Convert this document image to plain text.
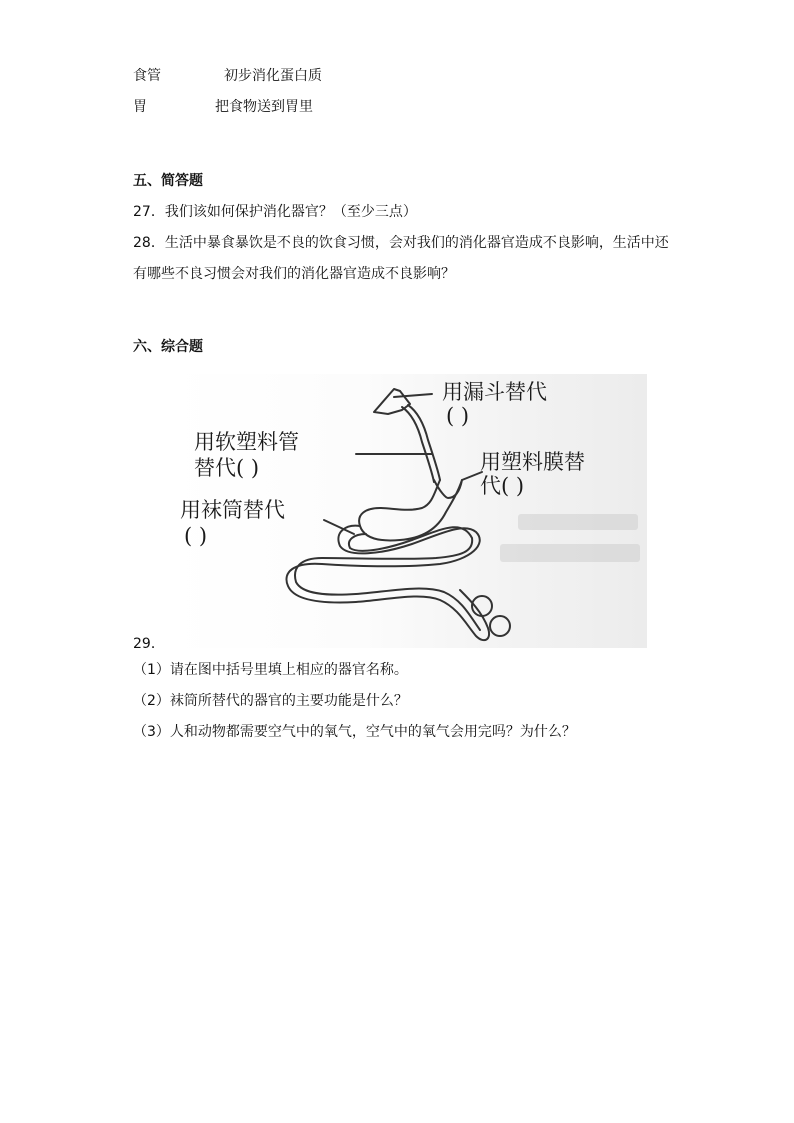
食管	初步消化蛋白质
胃	把食物送到胃里
五、简答题
27．我们该如何保护消化器官？（至少三点）
28．生活中暴食暴饮是不良的饮食习惯，会对我们的消化器官造成不良影响，生活中还
有哪些不良习惯会对我们的消化器官造成不良影响？
六、综合题
用漏斗替代
( )
用软塑料管
替代( )	用塑料膜替
代( )
用袜筒替代
( )
29．
（1）请在图中括号里填上相应的器官名称。
（2）袜筒所替代的器官的主要功能是什么？
（3）人和动物都需要空气中的氧气，空气中的氧气会用完吗？为什么？
